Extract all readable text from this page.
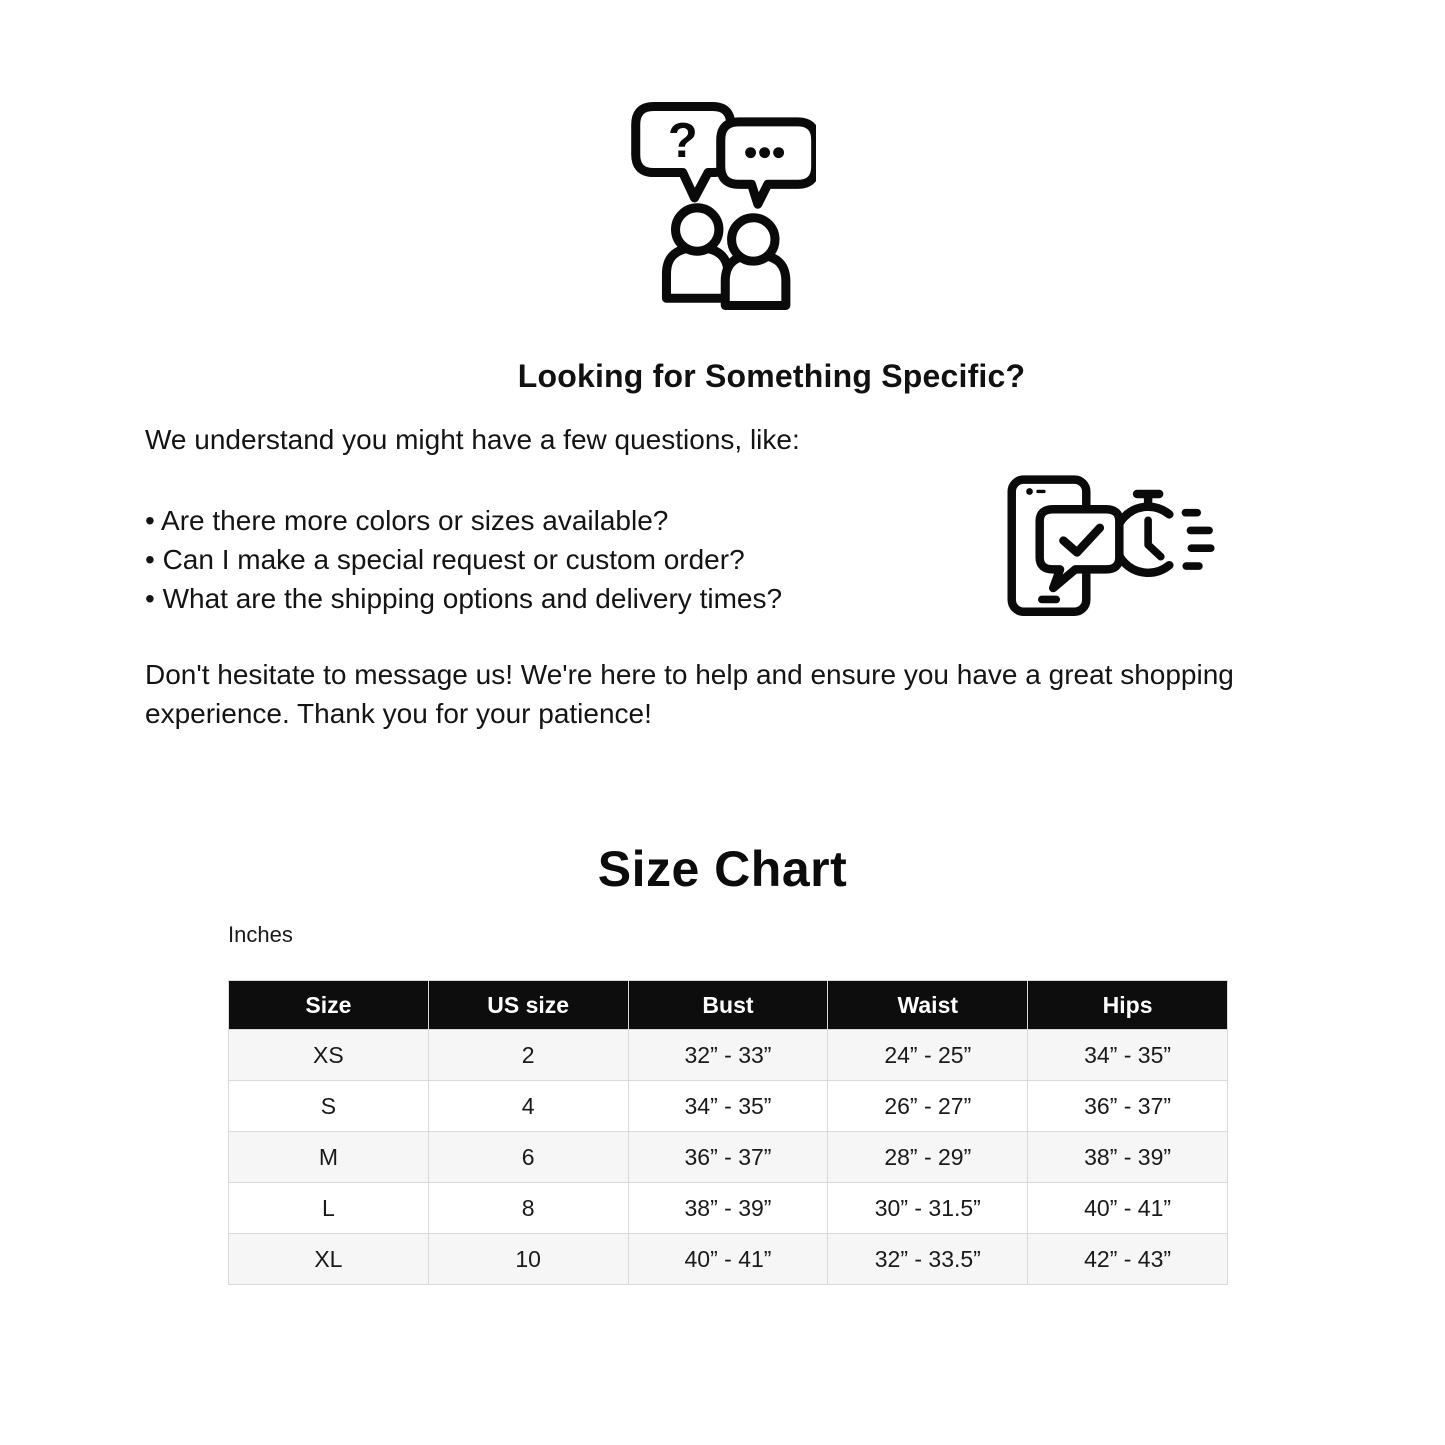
?
Looking for Something Specific?
We understand you might have a few questions, like:

• Are there more colors or sizes available?

• Can I make a special request or custom order?

• What are the shipping options and delivery times?

Don't hesitate to message us! We're here to help and ensure you have a great shopping experience. Thank you for your patience!
Size Chart
Inches
Size	US size	Bust	Waist	Hips
XS	2	32” - 33”	24” - 25”	34” - 35”
S	4	34” - 35”	26” - 27”	36” - 37”
M	6	36” - 37”	28” - 29”	38” - 39”
L	8	38” - 39”	30” - 31.5”	40” - 41”
XL	10	40” - 41”	32” - 33.5”	42” - 43”
